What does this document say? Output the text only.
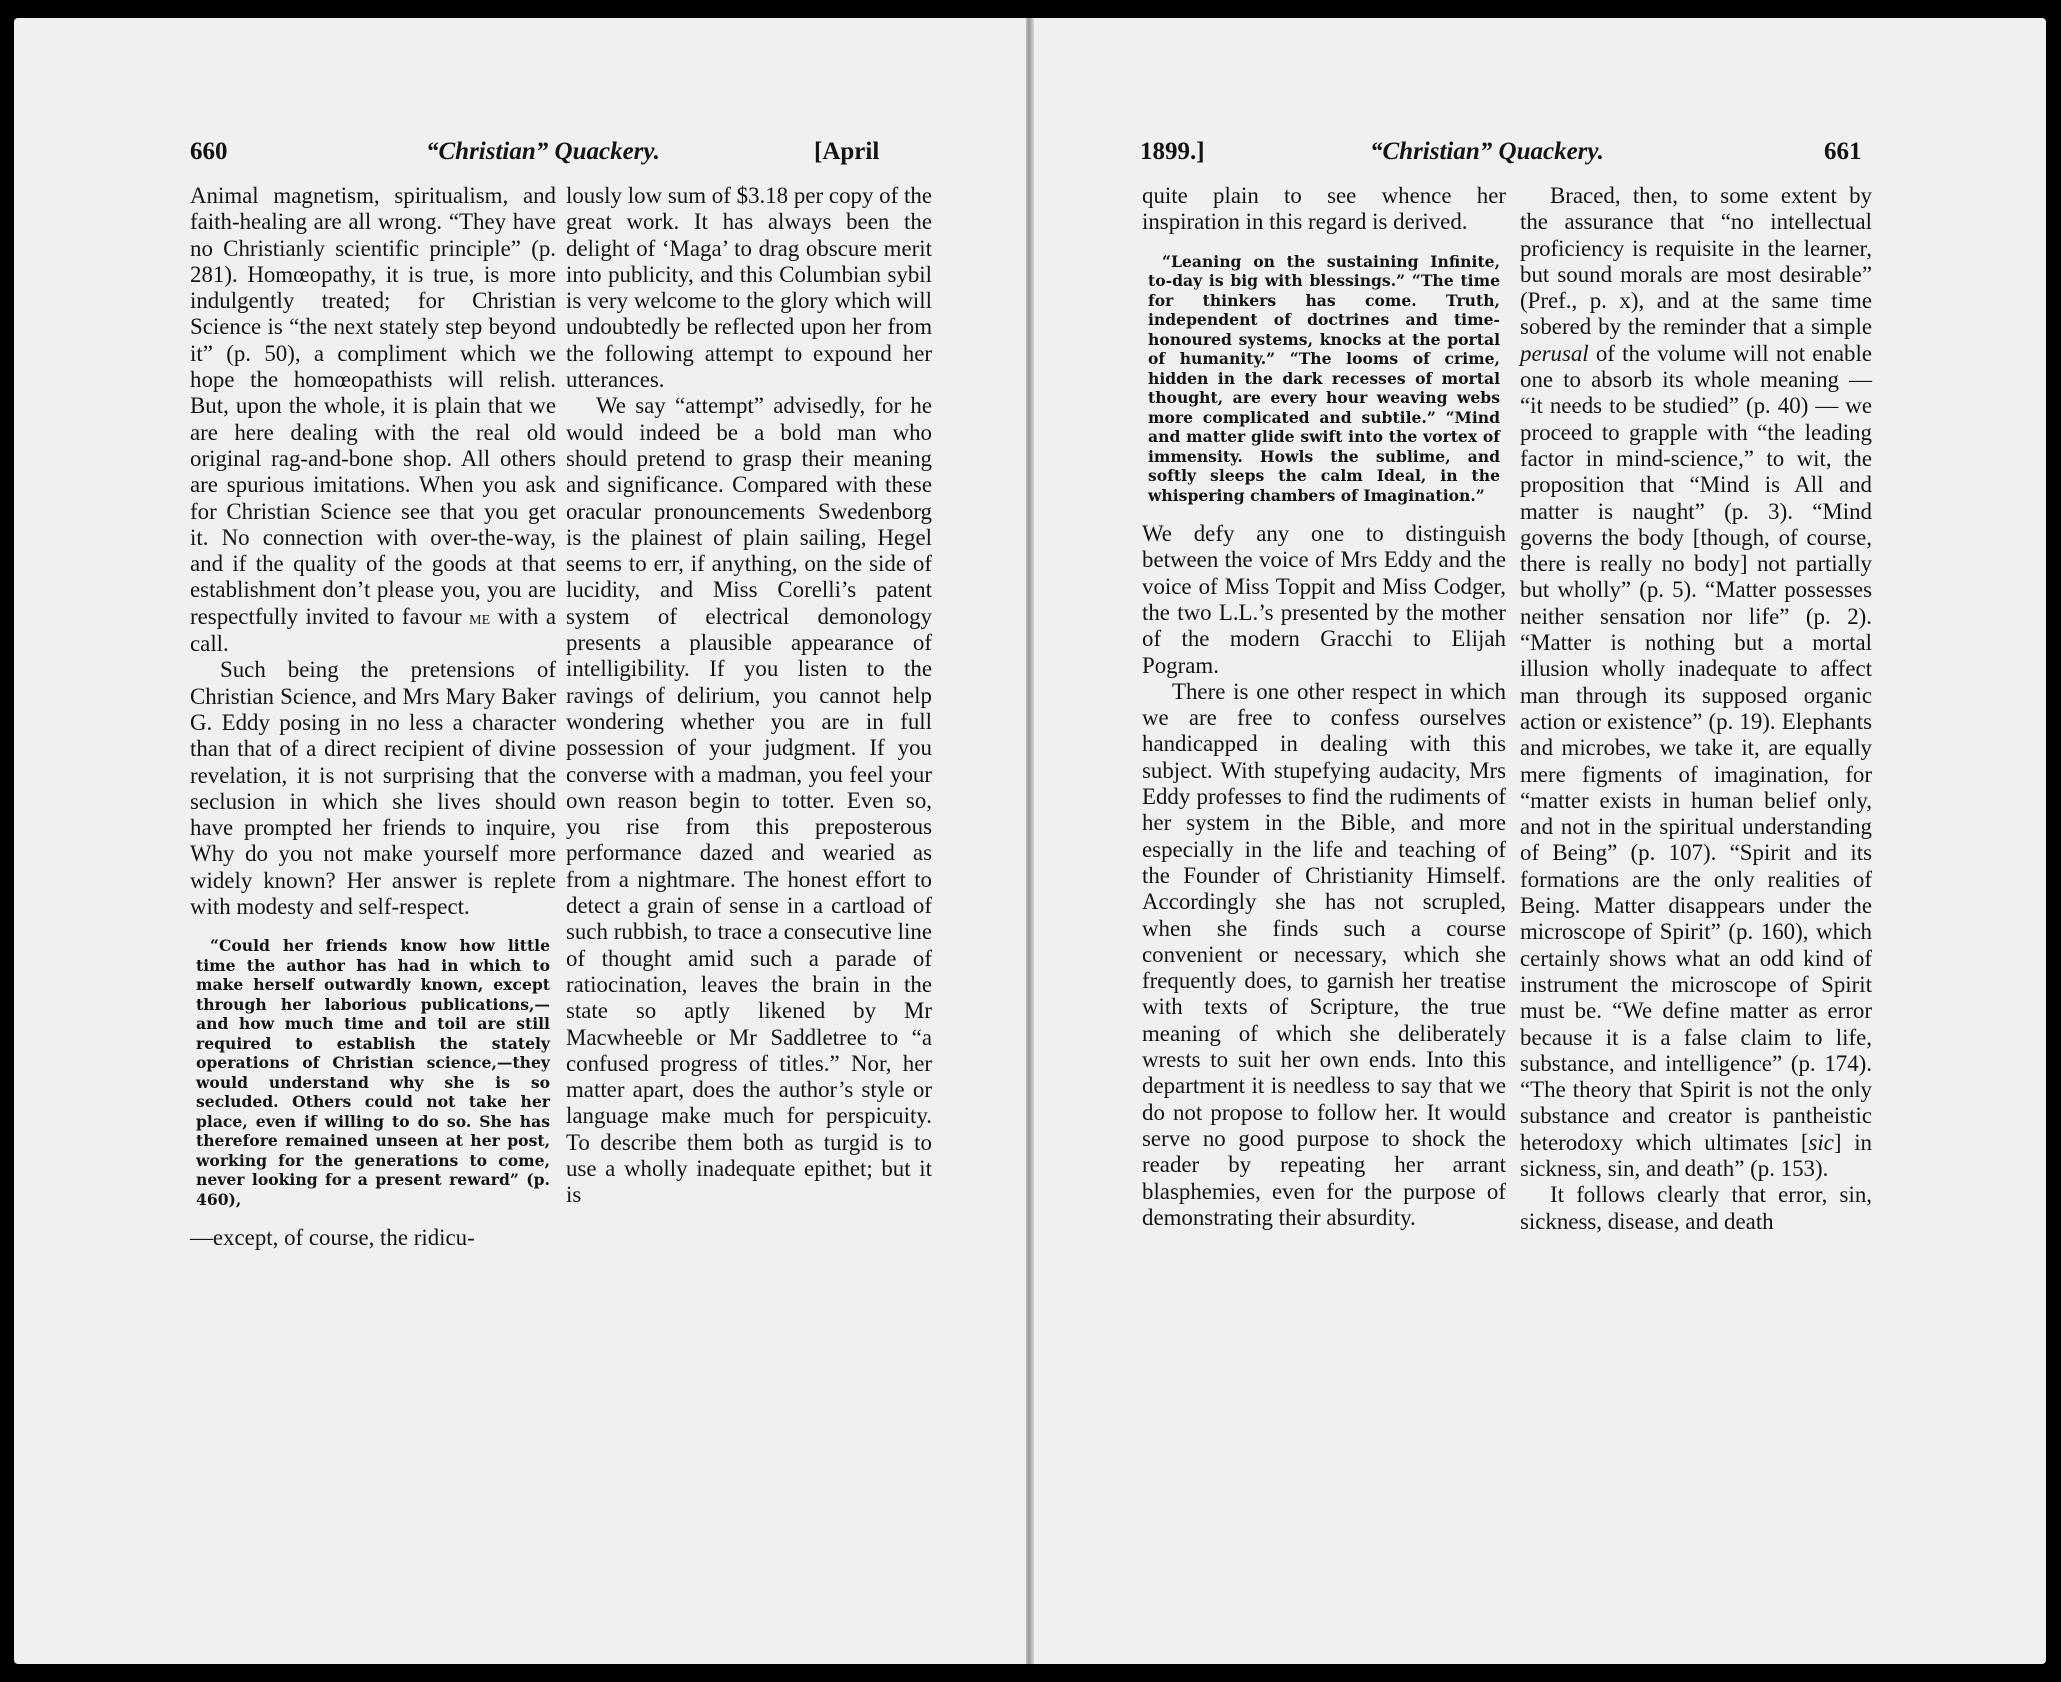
660	“Christian” Quackery.	[April

Animal magnetism, spiritualism, and faith-healing are all wrong. “They have no Christianly scientific principle” (p. 281). Homœopathy, it is true, is more indulgently treated; for Christian Science is “the next stately step beyond it” (p. 50), a compliment which we hope the homœopathists will relish. But, upon the whole, it is plain that we are here dealing with the real old original rag-and-bone shop. All others are spurious imitations. When you ask for Christian Science see that you get it. No connection with over-the-way, and if the quality of the goods at that establishment don’t please you, you are respectfully invited to favour me with a call.

Such being the pretensions of Christian Science, and Mrs Mary Baker G. Eddy posing in no less a character than that of a direct recipient of divine revelation, it is not surprising that the seclusion in which she lives should have prompted her friends to inquire, Why do you not make yourself more widely known? Her answer is replete with modesty and self-respect.

“Could her friends know how little time the author has had in which to make herself outwardly known, except through her laborious publications,—and how much time and toil are still required to establish the stately operations of Christian science,—they would understand why she is so secluded. Others could not take her place, even if willing to do so. She has therefore remained unseen at her post, working for the generations to come, never looking for a present reward” (p. 460),

—except, of course, the ridicu-

lously low sum of $3.18 per copy of the great work. It has always been the delight of ‘Maga’ to drag obscure merit into publicity, and this Columbian sybil is very welcome to the glory which will undoubtedly be reflected upon her from the following attempt to expound her utterances.

We say “attempt” advisedly, for he would indeed be a bold man who should pretend to grasp their meaning and significance. Compared with these oracular pronouncements Swedenborg is the plainest of plain sailing, Hegel seems to err, if anything, on the side of lucidity, and Miss Corelli’s patent system of electrical demonology presents a plausible appearance of intelligibility. If you listen to the ravings of delirium, you cannot help wondering whether you are in full possession of your judgment. If you converse with a madman, you feel your own reason begin to totter. Even so, you rise from this preposterous performance dazed and wearied as from a nightmare. The honest effort to detect a grain of sense in a cartload of such rubbish, to trace a consecutive line of thought amid such a parade of ratiocination, leaves the brain in the state so aptly likened by Mr Macwheeble or Mr Saddletree to “a confused progress of titles.” Nor, her matter apart, does the author’s style or language make much for perspicuity. To describe them both as turgid is to use a wholly inadequate epithet; but it is

1899.]	“Christian” Quackery.	661

quite plain to see whence her inspiration in this regard is derived.

“Leaning on the sustaining Infinite, to-day is big with blessings.” “The time for thinkers has come. Truth, independent of doctrines and time-honoured systems, knocks at the portal of humanity.” “The looms of crime, hidden in the dark recesses of mortal thought, are every hour weaving webs more complicated and subtile.” “Mind and matter glide swift into the vortex of immensity. Howls the sublime, and softly sleeps the calm Ideal, in the whispering chambers of Imagination.”

We defy any one to distinguish between the voice of Mrs Eddy and the voice of Miss Toppit and Miss Codger, the two L.L.’s presented by the mother of the modern Gracchi to Elijah Pogram.

There is one other respect in which we are free to confess ourselves handicapped in dealing with this subject. With stupefying audacity, Mrs Eddy professes to find the rudiments of her system in the Bible, and more especially in the life and teaching of the Founder of Christianity Himself. Accordingly she has not scrupled, when she finds such a course convenient or necessary, which she frequently does, to garnish her treatise with texts of Scripture, the true meaning of which she deliberately wrests to suit her own ends. Into this department it is needless to say that we do not propose to follow her. It would serve no good purpose to shock the reader by repeating her arrant blasphemies, even for the purpose of demonstrating their absurdity.

Braced, then, to some extent by the assurance that “no intellectual proficiency is requisite in the learner, but sound morals are most desirable” (Pref., p. x), and at the same time sobered by the reminder that a simple perusal of the volume will not enable one to absorb its whole meaning — “it needs to be studied” (p. 40) — we proceed to grapple with “the leading factor in mind-science,” to wit, the proposition that “Mind is All and matter is naught” (p. 3). “Mind governs the body [though, of course, there is really no body] not partially but wholly” (p. 5). “Matter possesses neither sensation nor life” (p. 2). “Matter is nothing but a mortal illusion wholly inadequate to affect man through its supposed organic action or existence” (p. 19). Elephants and microbes, we take it, are equally mere figments of imagination, for “matter exists in human belief only, and not in the spiritual understanding of Being” (p. 107). “Spirit and its formations are the only realities of Being. Matter disappears under the microscope of Spirit” (p. 160), which certainly shows what an odd kind of instrument the microscope of Spirit must be. “We define matter as error because it is a false claim to life, substance, and intelligence” (p. 174). “The theory that Spirit is not the only substance and creator is pantheistic heterodoxy which ultimates [sic] in sickness, sin, and death” (p. 153).

It follows clearly that error, sin, sickness, disease, and death
